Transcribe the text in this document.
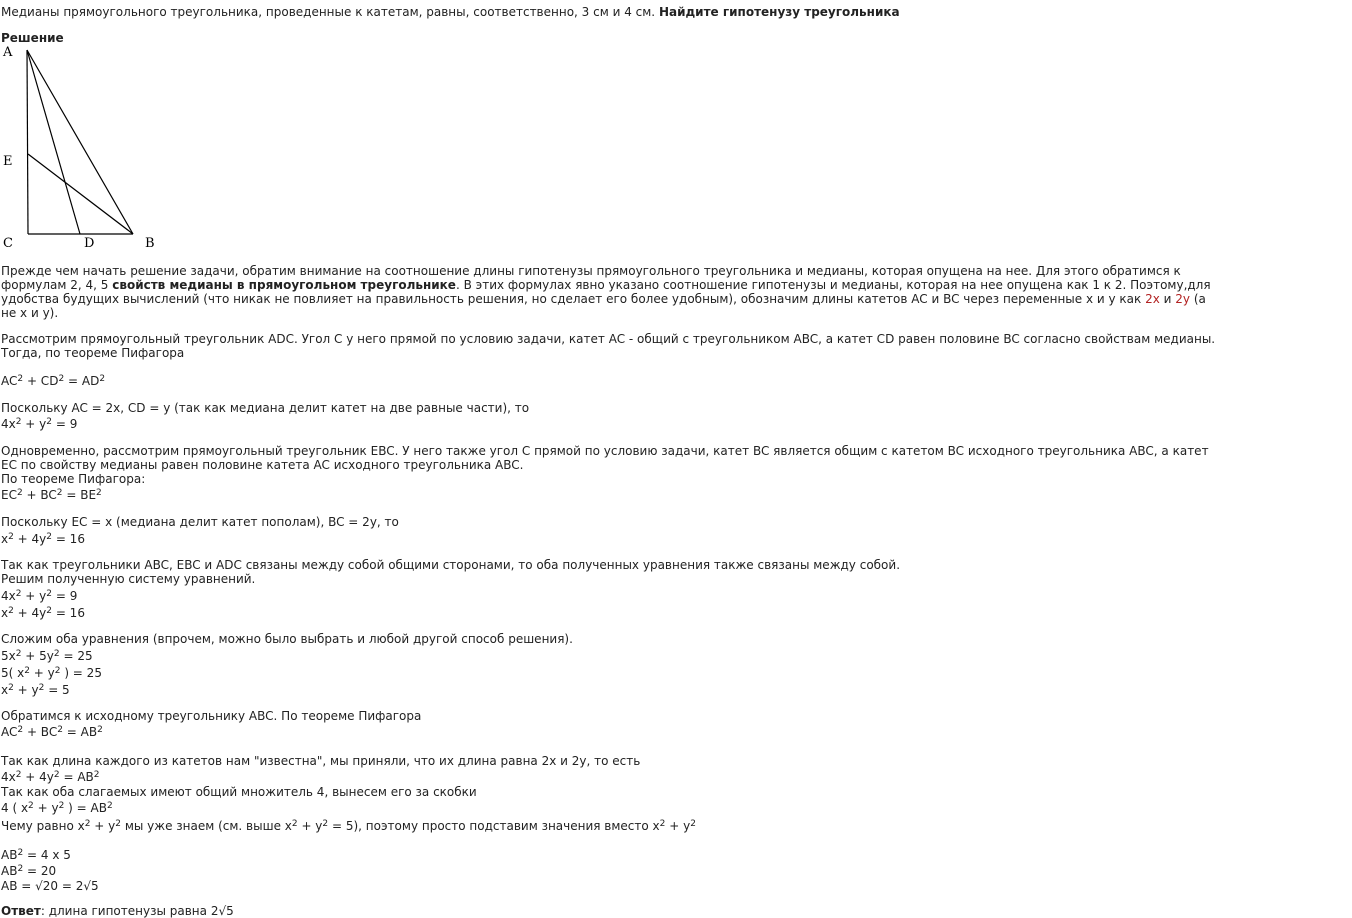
Медианы прямоугольного треугольника, проведенные к катетам, равны, соответственно, 3 см и 4 см. Найдите гипотенузу треугольника
Решение
A
E
C	D	B
Прежде чем начать решение задачи, обратим внимание на соотношение длины гипотенузы прямоугольного треугольника и медианы, которая опущена на нее. Для этого обратимся к
формулам 2, 4, 5 свойств медианы в прямоугольном треугольнике. В этих формулах явно указано соотношение гипотенузы и медианы, которая на нее опущена как 1 к 2. Поэтому,для
удобства будущих вычислений (что никак не повлияет на правильность решения, но сделает его более удобным), обозначим длины катетов AC и BC через переменные x и y как 2x и 2y (а
не x и y).
Рассмотрим прямоугольный треугольник ADC. Угол C у него прямой по условию задачи, катет AC - общий с треугольником ABC, а катет CD равен половине BC согласно свойствам медианы.
Тогда, по теореме Пифагора
$AC^2 + CD^2 = AD^2$
Поскольку AC = 2x, CD = y (так как медиана делит катет на две равные части), то
$4x^2 + y^2 = 9$
Одновременно, рассмотрим прямоугольный треугольник EBC. У него также угол C прямой по условию задачи, катет BC является общим с катетом BC исходного треугольника ABC, а катет
EC по свойству медианы равен половине катета AC исходного треугольника ABC.
По теореме Пифагора:
$EC^2 + BC^2 = BE^2$
Поскольку EC = x (медиана делит катет пополам), BC = 2y, то
$x^2 + 4y^2 = 16$
Так как треугольники ABC, EBC и ADC связаны между собой общими сторонами, то оба полученных уравнения также связаны между собой.
Решим полученную систему уравнений.
$4x^2 + y^2 = 9$
$x^2 + 4y^2 = 16$
Сложим оба уравнения (впрочем, можно было выбрать и любой другой способ решения).
$5x^2 + 5y^2 = 25$
5( $x^2 + y^2$ ) = 25
$x^2 + y^2 = 5$
Обратимся к исходному треугольнику ABC. По теореме Пифагора
$AC^2 + BC^2 = AB^2$
Так как длина каждого из катетов нам "известна", мы приняли, что их длина равна 2x и 2y, то есть
$4x^2 + 4y^2 = AB^2$
Так как оба слагаемых имеют общий множитель 4, вынесем его за скобки
4 ( $x^2 + y^2$ ) = $AB^2$
Чему равно $x^2 + y^2$ мы уже знаем (см. выше $x^2 + y^2 = 5$), поэтому просто подставим значения вместо $x^2 + y^2$
$AB^2 = 4$ x 5
$AB^2 = 20$
AB = √20 = 2√5
Ответ: длина гипотенузы равна 2√5
